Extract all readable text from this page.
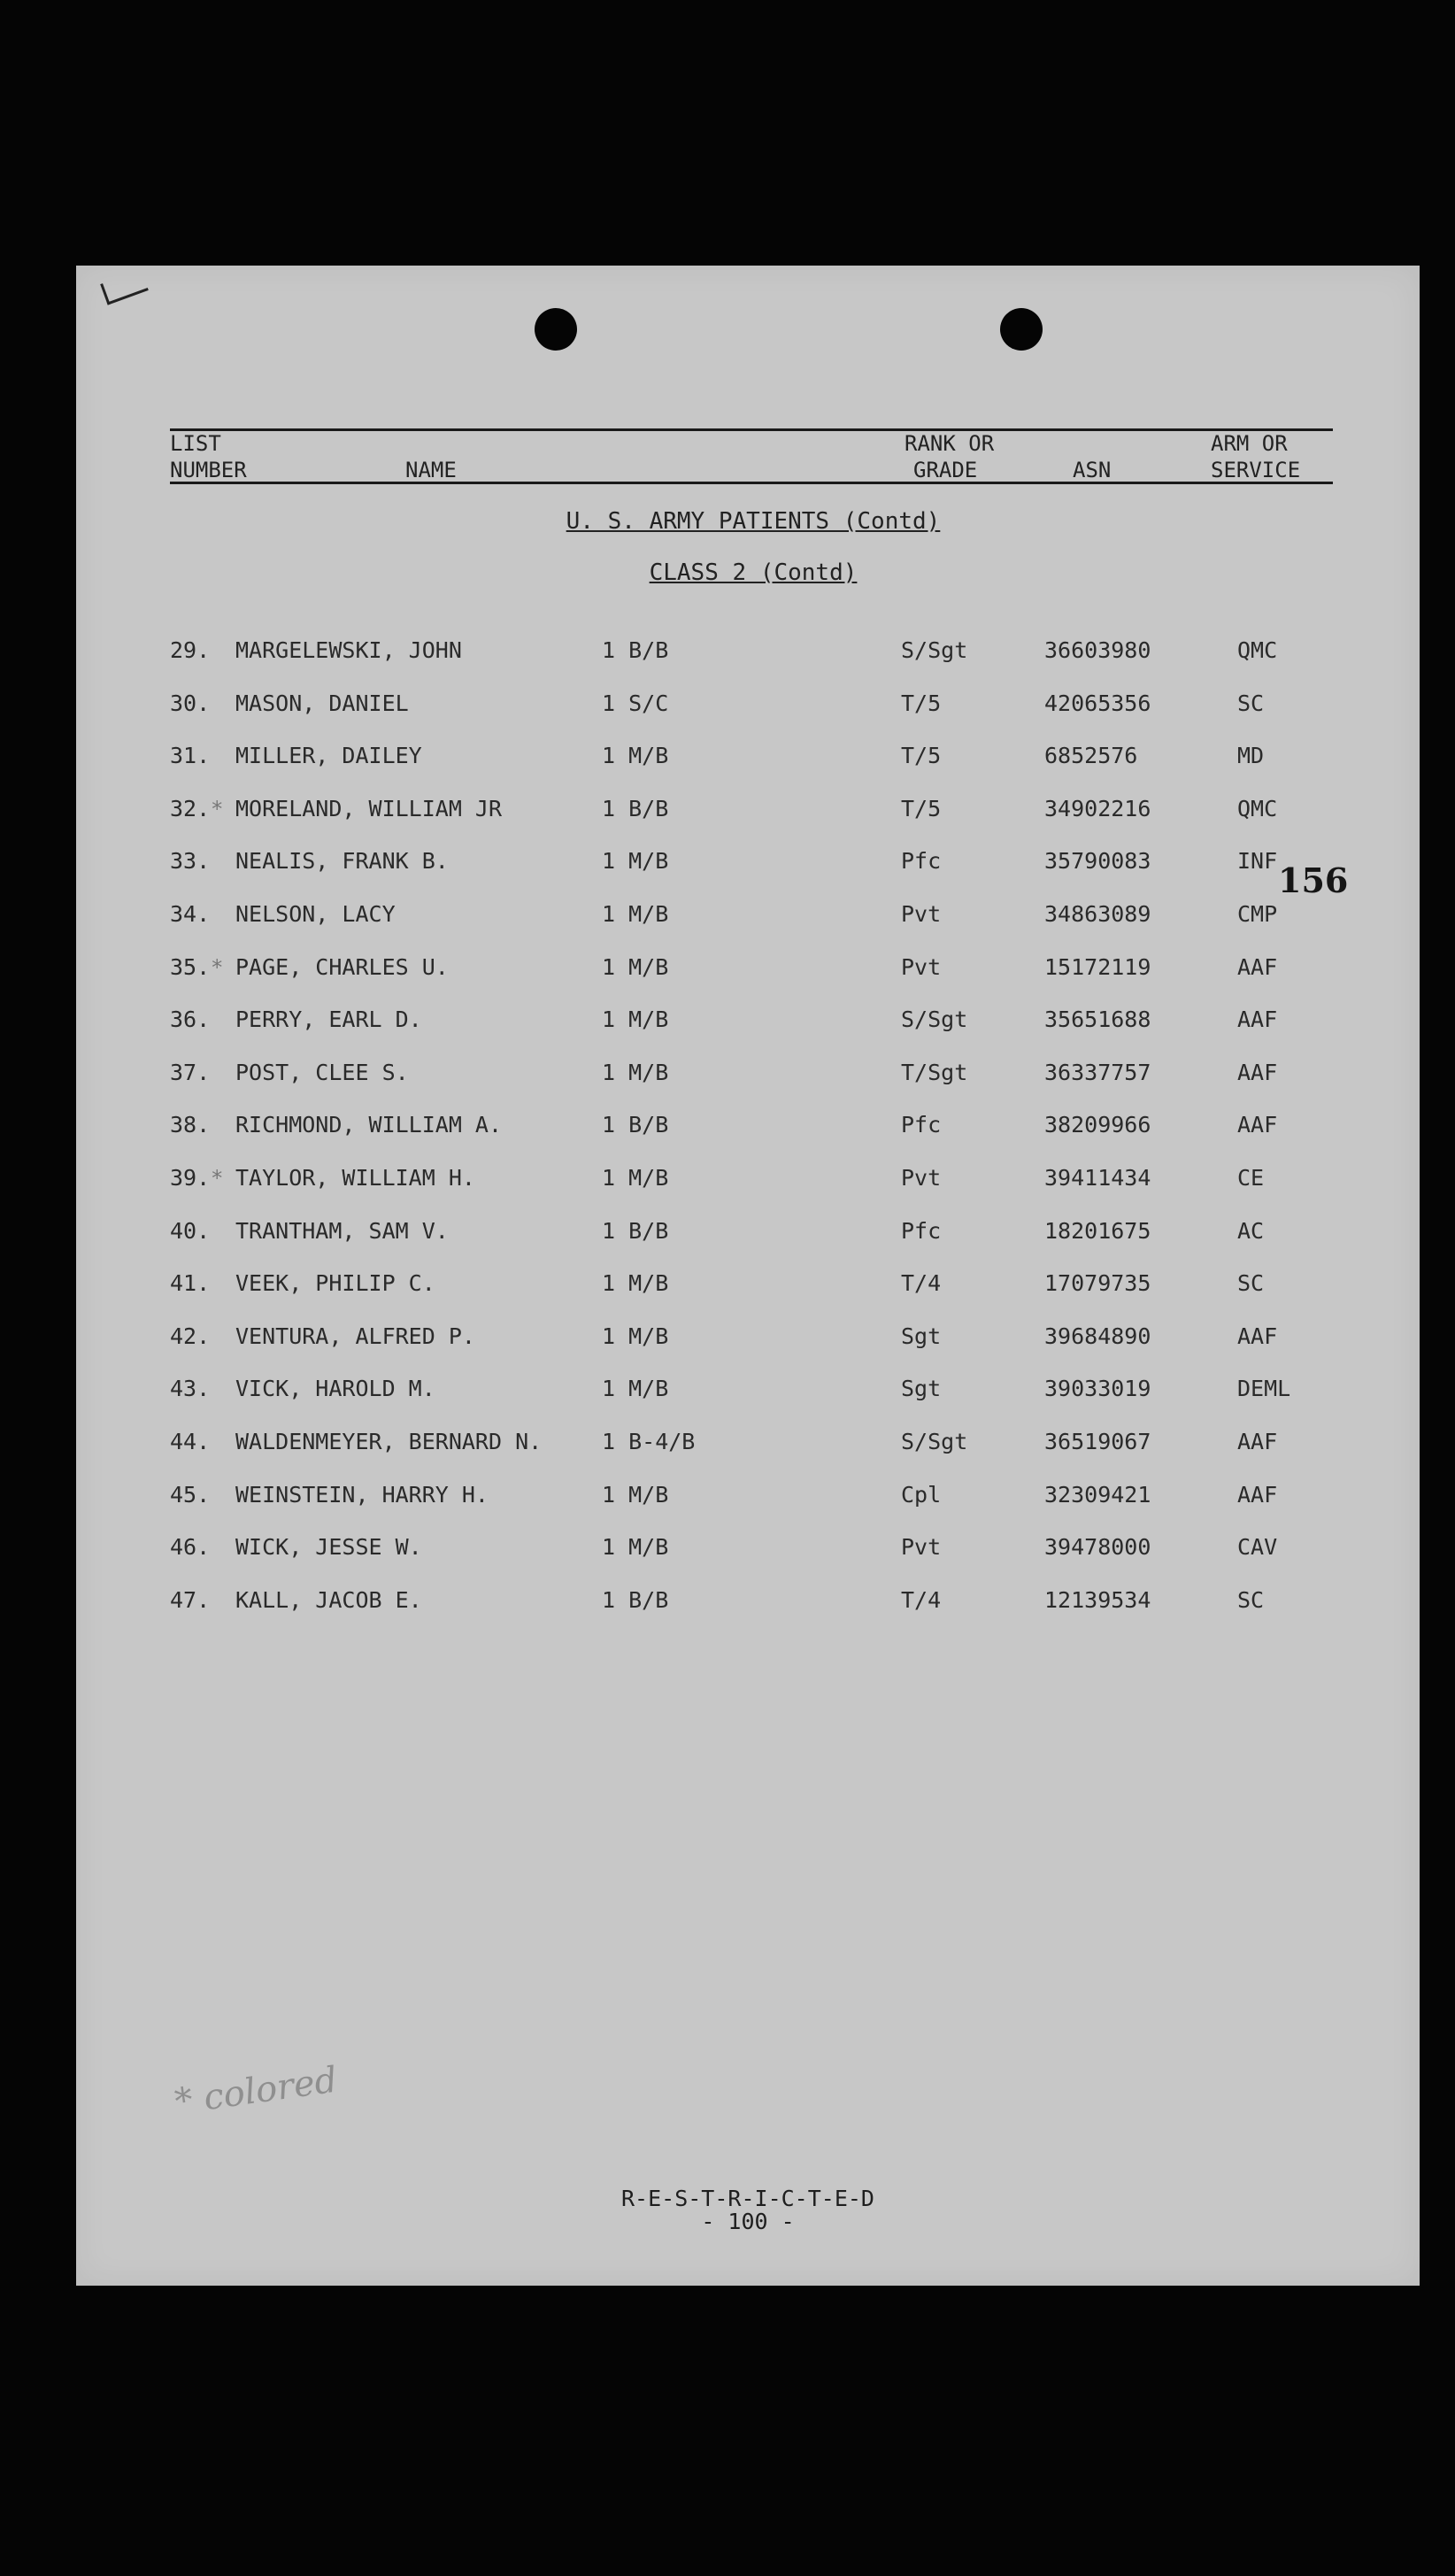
LIST
NUMBER	NAME
RANK OR
GRADE	ASN
ARM OR
SERVICE
U. S. ARMY PATIENTS (Contd)
CLASS 2 (Contd)
29. MARGELEWSKI, JOHN	1 B/B	S/Sgt	36603980	QMC
30. MASON, DANIEL	1 S/C	T/5	42065356	SC
31. MILLER, DAILEY	1 M/B	T/5	6852576	MD
32. MORELAND, WILLIAM JR	1 B/B	T/5	34902216	QMC
*
33. NEALIS, FRANK B.	1 M/B	Pfc	35790083	INF
34. NELSON, LACY	1 M/B	Pvt	34863089	CMP
35. PAGE, CHARLES U.	1 M/B	Pvt	15172119	AAF
*
36. PERRY, EARL D.	1 M/B	S/Sgt	35651688	AAF
37. POST, CLEE S.	1 M/B	T/Sgt	36337757	AAF
38. RICHMOND, WILLIAM A.	1 B/B	Pfc	38209966	AAF
39. TAYLOR, WILLIAM H.	1 M/B	Pvt	39411434	CE
*
40. TRANTHAM, SAM V.	1 B/B	Pfc	18201675	AC
41. VEEK, PHILIP C.	1 M/B	T/4	17079735	SC
42. VENTURA, ALFRED P.	1 M/B	Sgt	39684890	AAF
43. VICK, HAROLD M.	1 M/B	Sgt	39033019	DEML
44. WALDENMEYER, BERNARD N.	1 B-4/B	S/Sgt	36519067	AAF
45. WEINSTEIN, HARRY H.	1 M/B	Cpl	32309421	AAF
46. WICK, JESSE W.	1 M/B	Pvt	39478000	CAV
47. KALL, JACOB E.	1 B/B	T/4	12139534	SC
156
* colored
R-E-S-T-R-I-C-T-E-D
- 100 -
